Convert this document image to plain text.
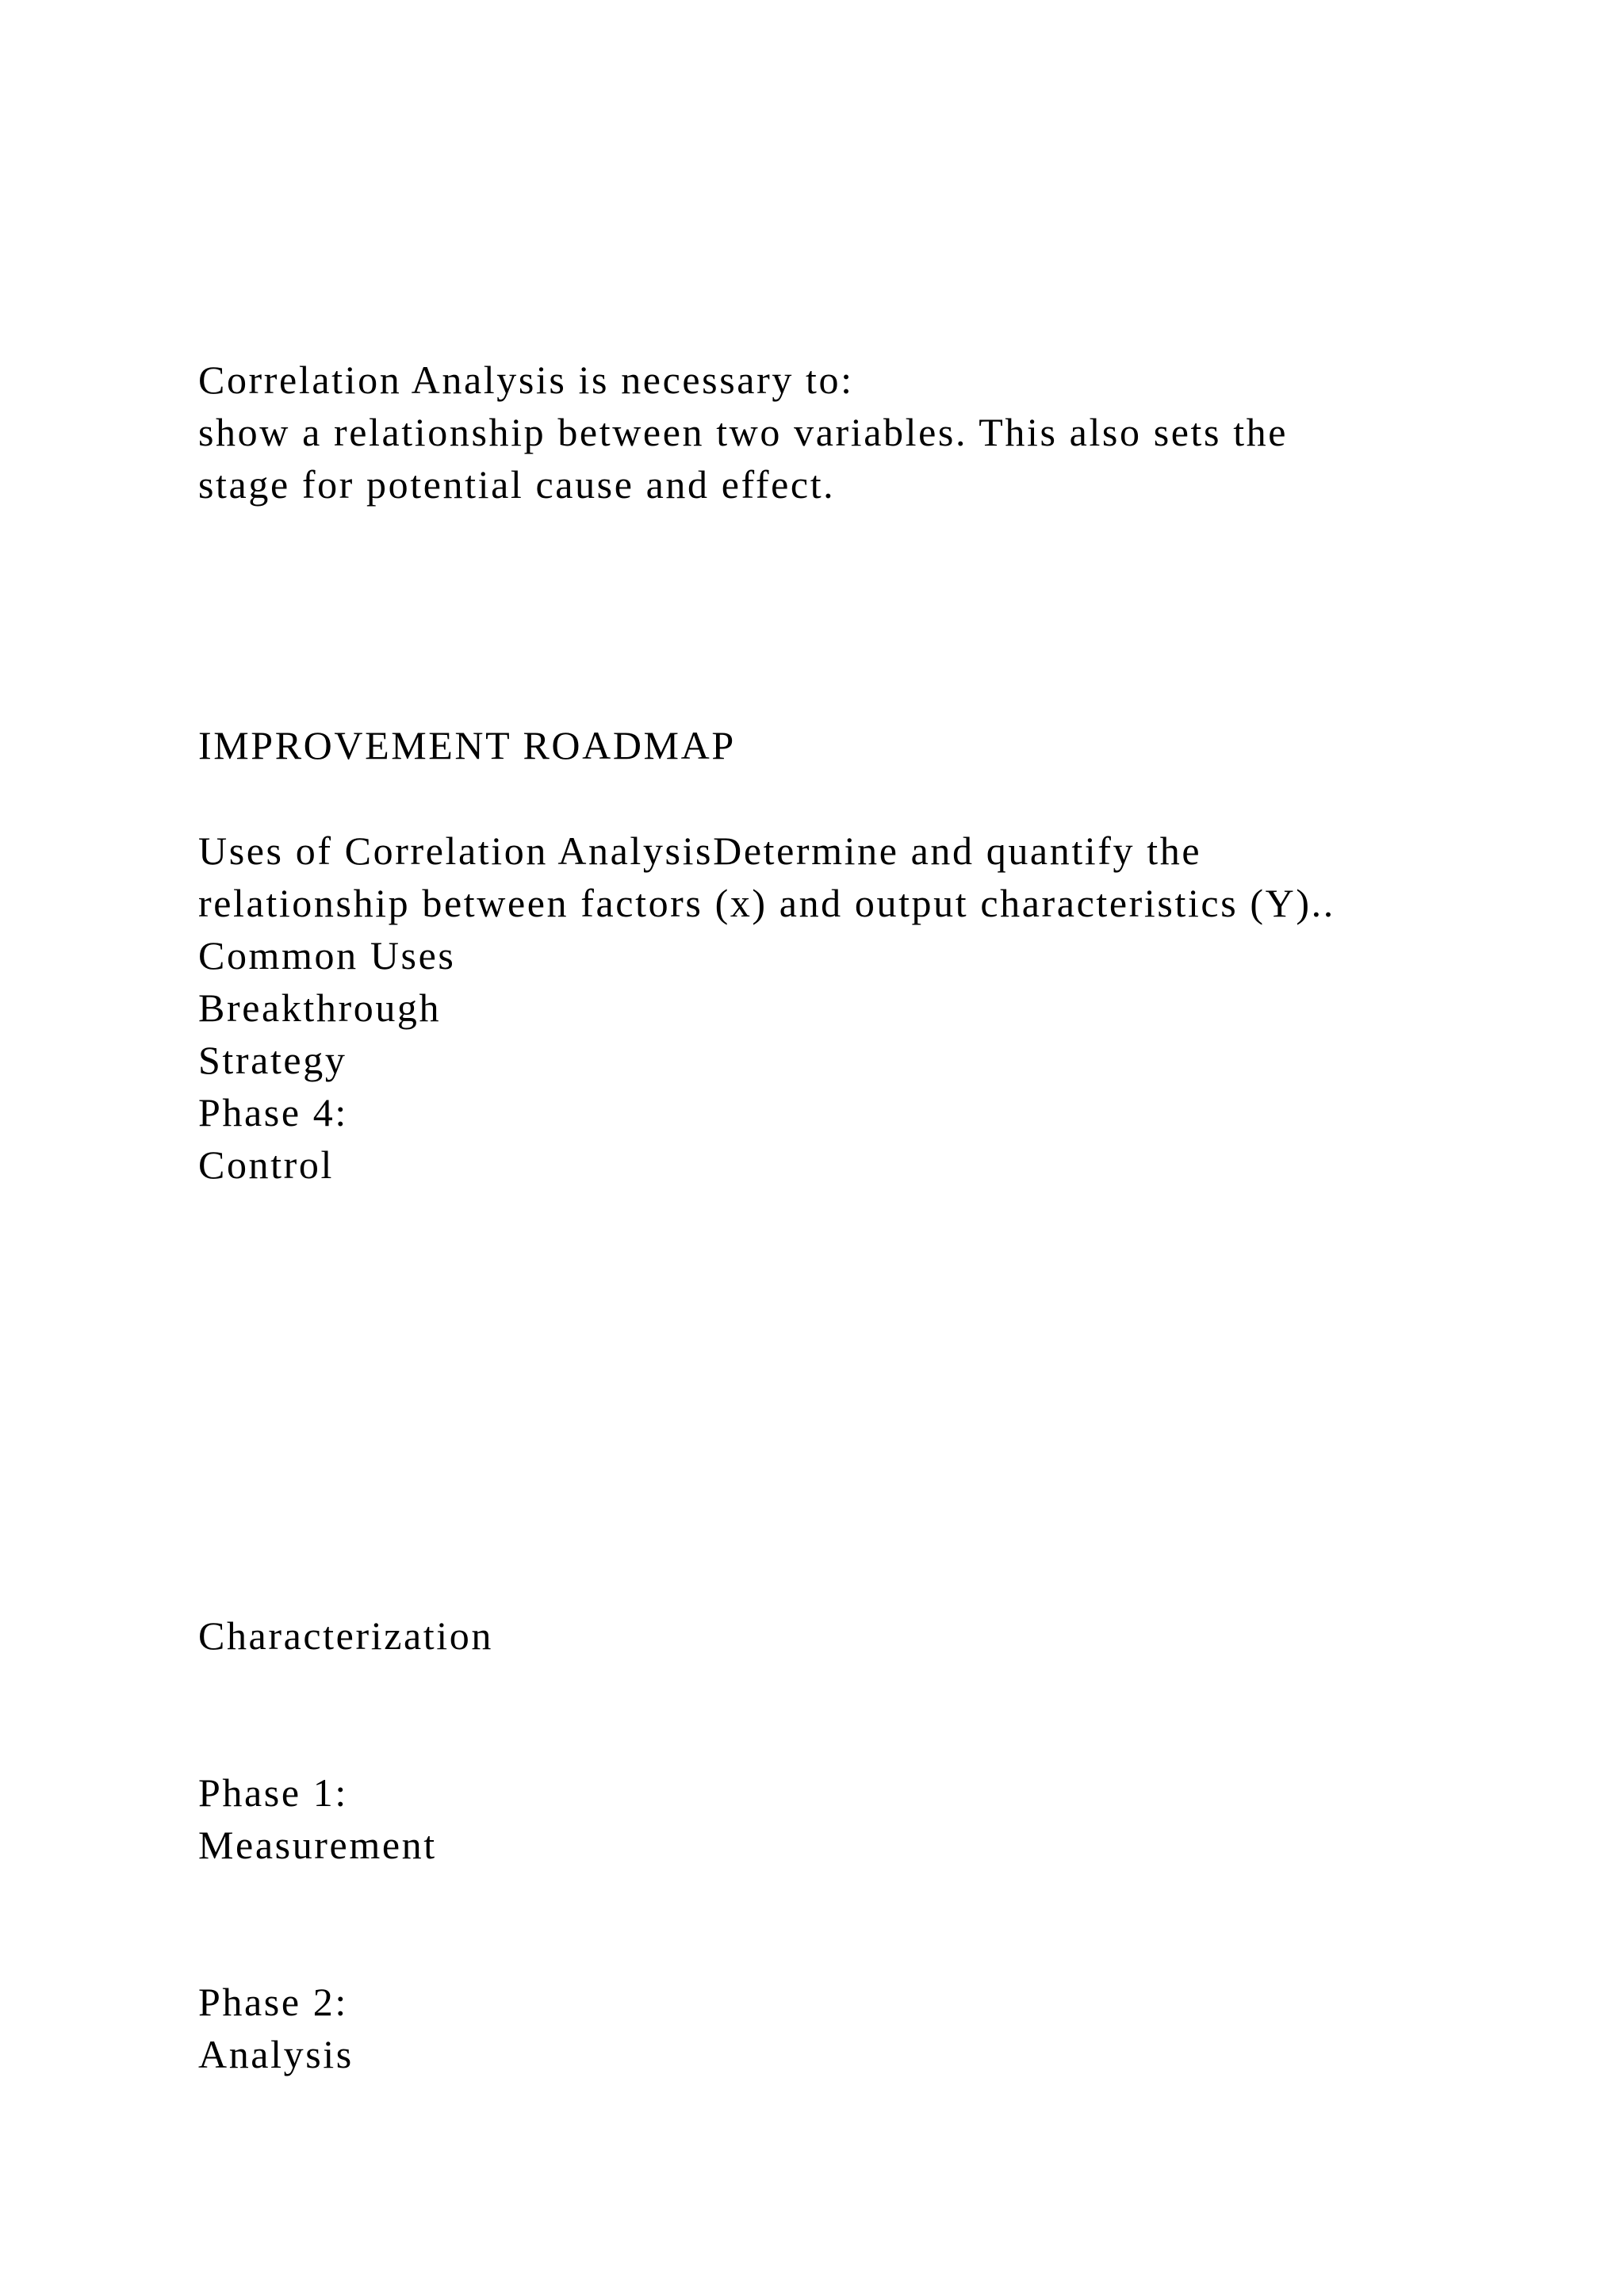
Correlation Analysis is necessary to:

show a relationship between two variables. This also sets the

stage for potential cause and effect.

IMPROVEMENT ROADMAP

Uses of Correlation AnalysisDetermine and quantify the

relationship between factors (x) and output characteristics (Y)..

Common Uses

Breakthrough

Strategy

Phase 4:

Control

Characterization

Phase 1:

Measurement

Phase 2:

Analysis
